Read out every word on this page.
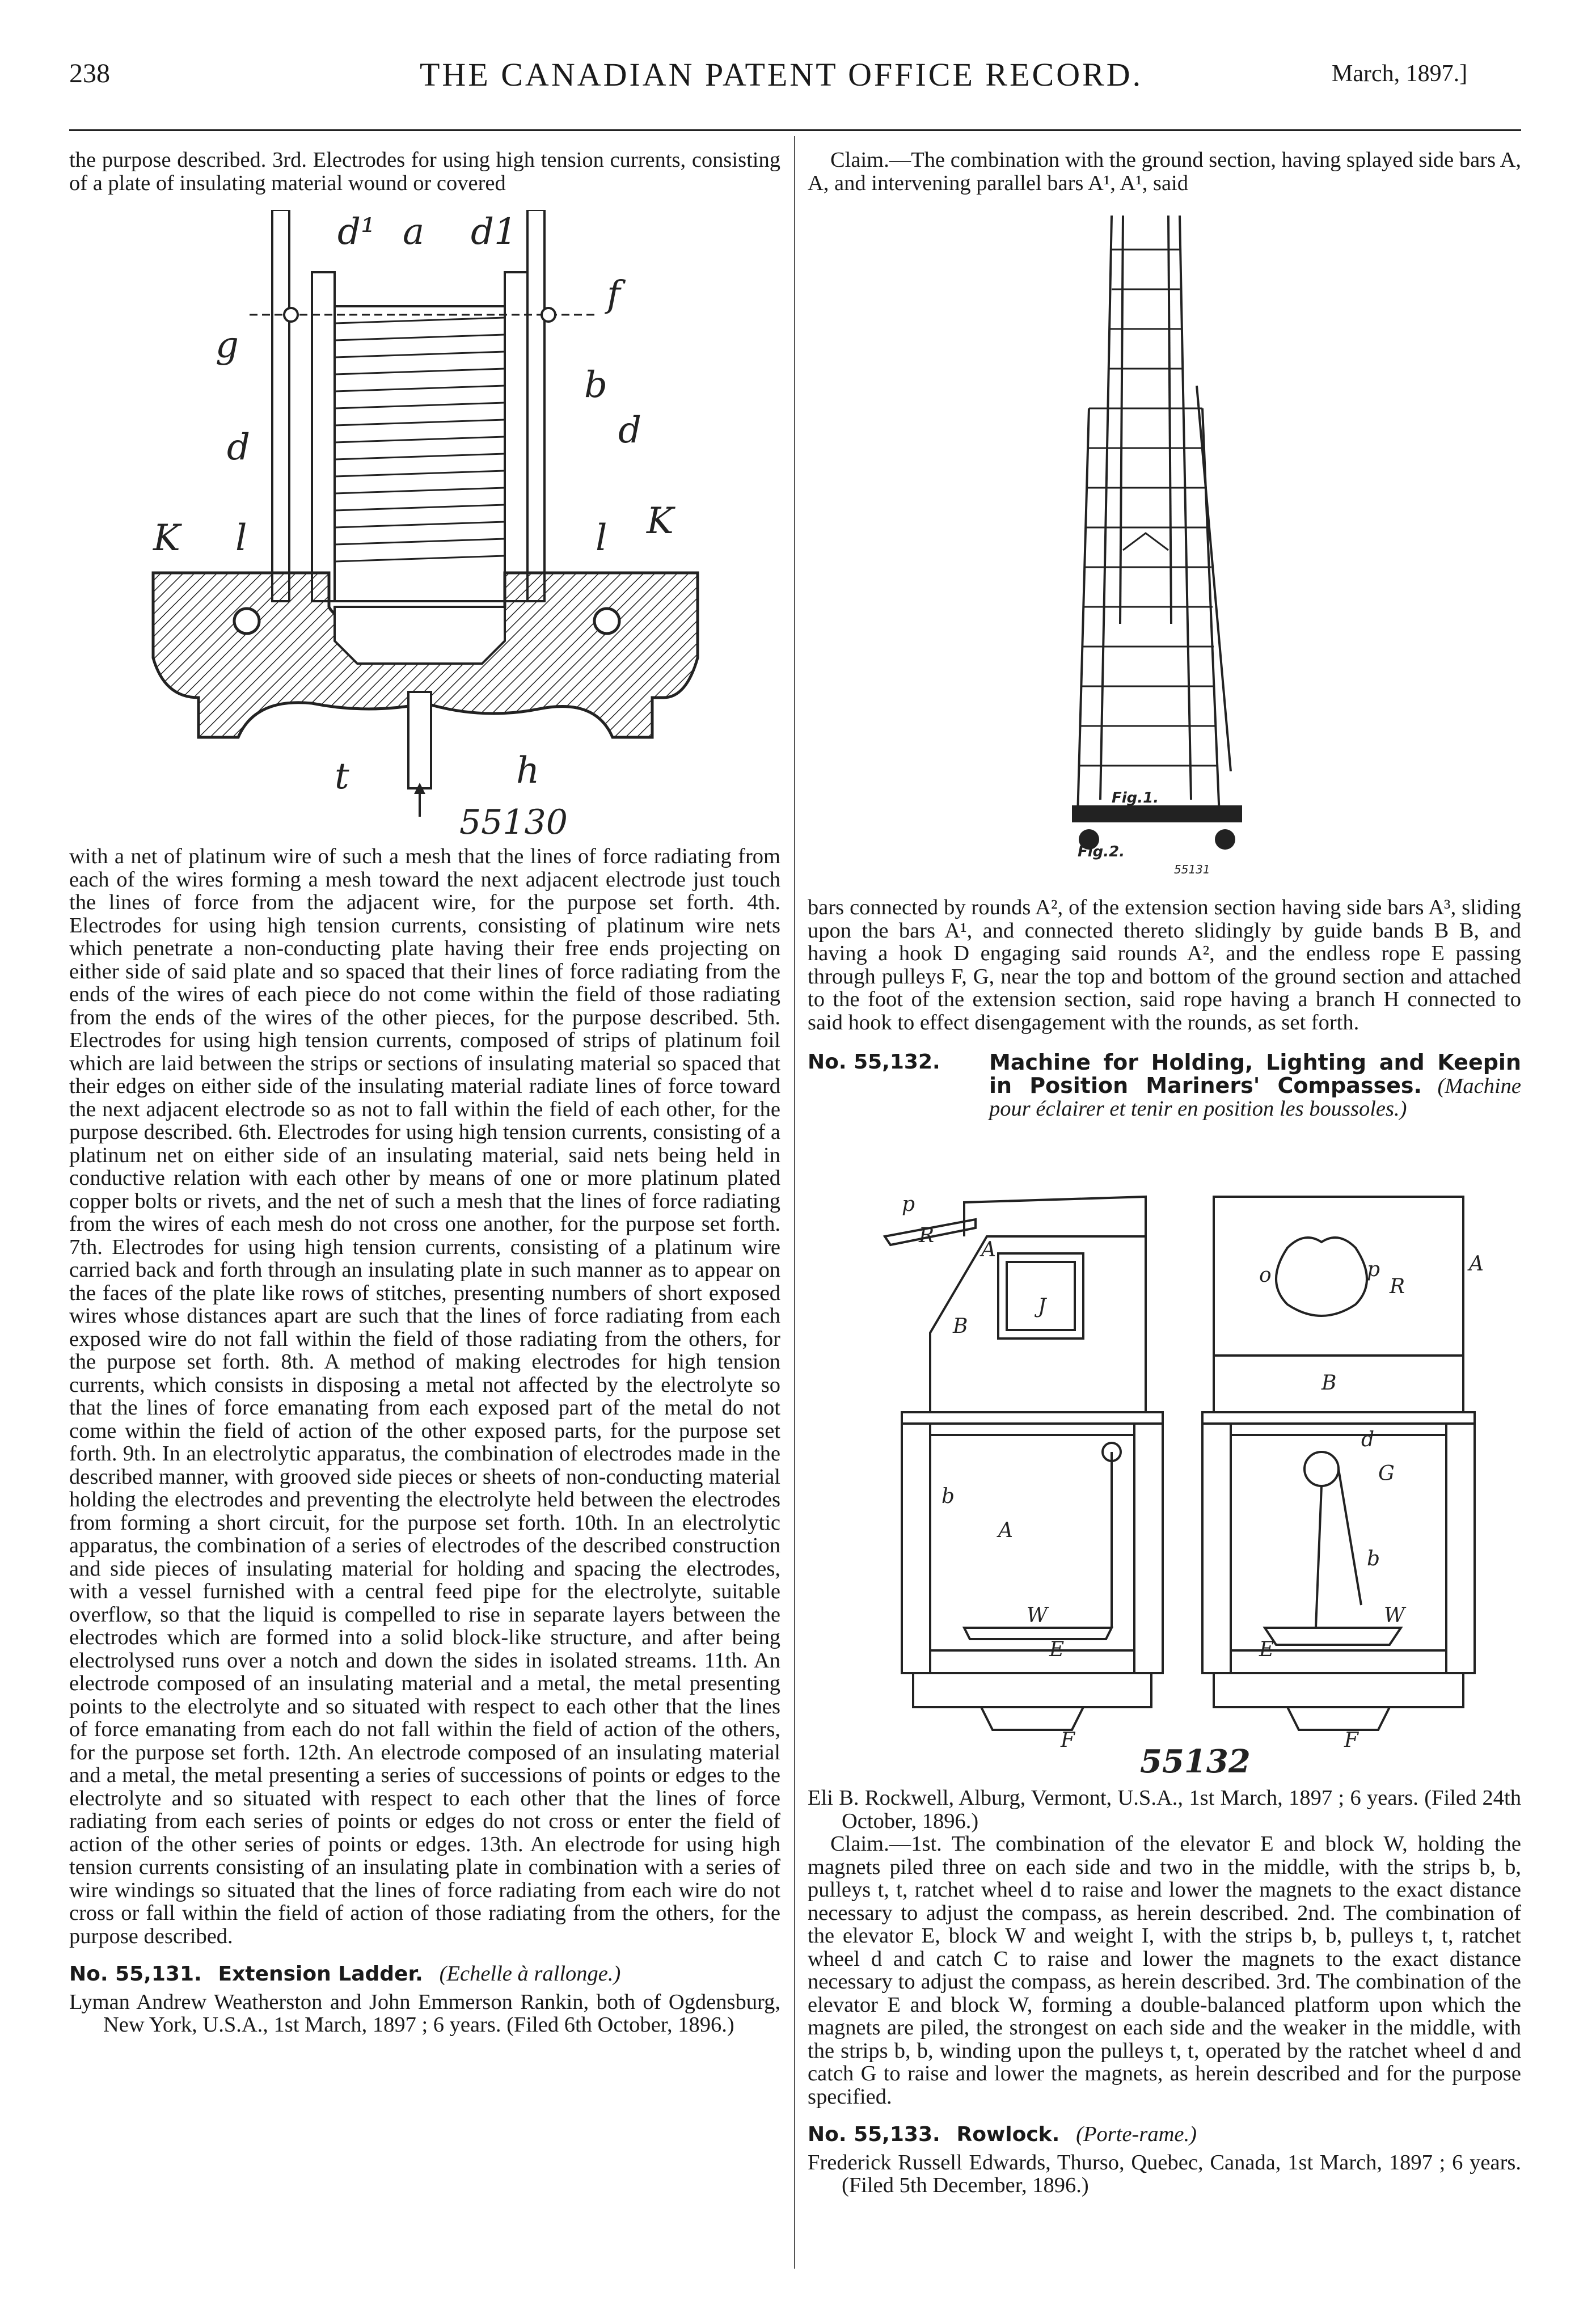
238	THE CANADIAN PATENT OFFICE RECORD.	March, 1897.]

the purpose described. 3rd. Electrodes for using high tension currents, consisting of a plate of insulating material wound or covered

d¹ a d1
f
g
b
d	d
K l	l K
t	h
55130

with a net of platinum wire of such a mesh that the lines of force radiating from each of the wires forming a mesh toward the next adjacent electrode just touch the lines of force from the adjacent wire, for the purpose set forth. 4th. Electrodes for using high tension currents, consisting of platinum wire nets which penetrate a non-conducting plate having their free ends projecting on either side of said plate and so spaced that their lines of force radiating from the ends of the wires of each piece do not come within the field of those radiating from the ends of the wires of the other pieces, for the purpose described. 5th. Electrodes for using high tension currents, composed of strips of platinum foil which are laid between the strips or sections of insulating material so spaced that their edges on either side of the insulating material radiate lines of force toward the next adjacent electrode so as not to fall within the field of each other, for the purpose described. 6th. Electrodes for using high tension currents, consisting of a platinum net on either side of an insulating material, said nets being held in conductive relation with each other by means of one or more platinum plated copper bolts or rivets, and the net of such a mesh that the lines of force radiating from the wires of each mesh do not cross one another, for the purpose set forth. 7th. Electrodes for using high tension currents, consisting of a platinum wire carried back and forth through an insulating plate in such manner as to appear on the faces of the plate like rows of stitches, presenting numbers of short exposed wires whose distances apart are such that the lines of force radiating from each exposed wire do not fall within the field of those radiating from the others, for the purpose set forth. 8th. A method of making electrodes for high tension currents, which consists in disposing a metal not affected by the electrolyte so that the lines of force emanating from each exposed part of the metal do not come within the field of action of the other exposed parts, for the purpose set forth. 9th. In an electrolytic apparatus, the combination of electrodes made in the described manner, with grooved side pieces or sheets of non-conducting material holding the electrodes and preventing the electrolyte held between the electrodes from forming a short circuit, for the purpose set forth. 10th. In an electrolytic apparatus, the combination of a series of electrodes of the described construction and side pieces of insulating material for holding and spacing the electrodes, with a vessel furnished with a central feed pipe for the electrolyte, suitable overflow, so that the liquid is compelled to rise in separate layers between the electrodes which are formed into a solid block-like structure, and after being electrolysed runs over a notch and down the sides in isolated streams. 11th. An electrode composed of an insulating material and a metal, the metal presenting points to the electrolyte and so situated with respect to each other that the lines of force emanating from each do not fall within the field of action of the others, for the purpose set forth. 12th. An electrode composed of an insulating material and a metal, the metal presenting a series of successions of points or edges to the electrolyte and so situated with respect to each other that the lines of force radiating from each series of points or edges do not cross or enter the field of action of the other series of points or edges. 13th. An electrode for using high tension currents consisting of an insulating plate in combination with a series of wire windings so situated that the lines of force radiating from each wire do not cross or fall within the field of action of those radiating from the others, for the purpose described.

No. 55,131. Extension Ladder. (Echelle à rallonge.)

Lyman Andrew Weatherston and John Emmerson Rankin, both of Ogdensburg, New York, U.S.A., 1st March, 1897 ; 6 years. (Filed 6th October, 1896.)

Claim.—The combination with the ground section, having splayed side bars A, A, and intervening parallel bars A¹, A¹, said

Fig.1.
Fig.2.
55131

bars connected by rounds A², of the extension section having side bars A³, sliding upon the bars A¹, and connected thereto slidingly by guide bands B B, and having a hook D engaging said rounds A², and the endless rope E passing through pulleys F, G, near the top and bottom of the ground section and attached to the foot of the extension section, said rope having a branch H connected to said hook to effect disengagement with the rounds, as set forth.

No. 55,132. Machine for Holding, Lighting and Keepin in Position Mariners' Compasses. (Machine pour éclairer et tenir en position les boussoles.)
p
R
A
J
B
o	p
R
A
B
b
A
W
E
F
d
G
b
W
E
F
55132

Eli B. Rockwell, Alburg, Vermont, U.S.A., 1st March, 1897 ; 6 years. (Filed 24th October, 1896.)

Claim.—1st. The combination of the elevator E and block W, holding the magnets piled three on each side and two in the middle, with the strips b, b, pulleys t, t, ratchet wheel d to raise and lower the magnets to the exact distance necessary to adjust the compass, as herein described. 2nd. The combination of the elevator E, block W and weight I, with the strips b, b, pulleys t, t, ratchet wheel d and catch C to raise and lower the magnets to the exact distance necessary to adjust the compass, as herein described. 3rd. The combination of the elevator E and block W, forming a double-balanced platform upon which the magnets are piled, the strongest on each side and the weaker in the middle, with the strips b, b, winding upon the pulleys t, t, operated by the ratchet wheel d and catch G to raise and lower the magnets, as herein described and for the purpose specified.

No. 55,133. Rowlock. (Porte-rame.)

Frederick Russell Edwards, Thurso, Quebec, Canada, 1st March, 1897 ; 6 years. (Filed 5th December, 1896.)
